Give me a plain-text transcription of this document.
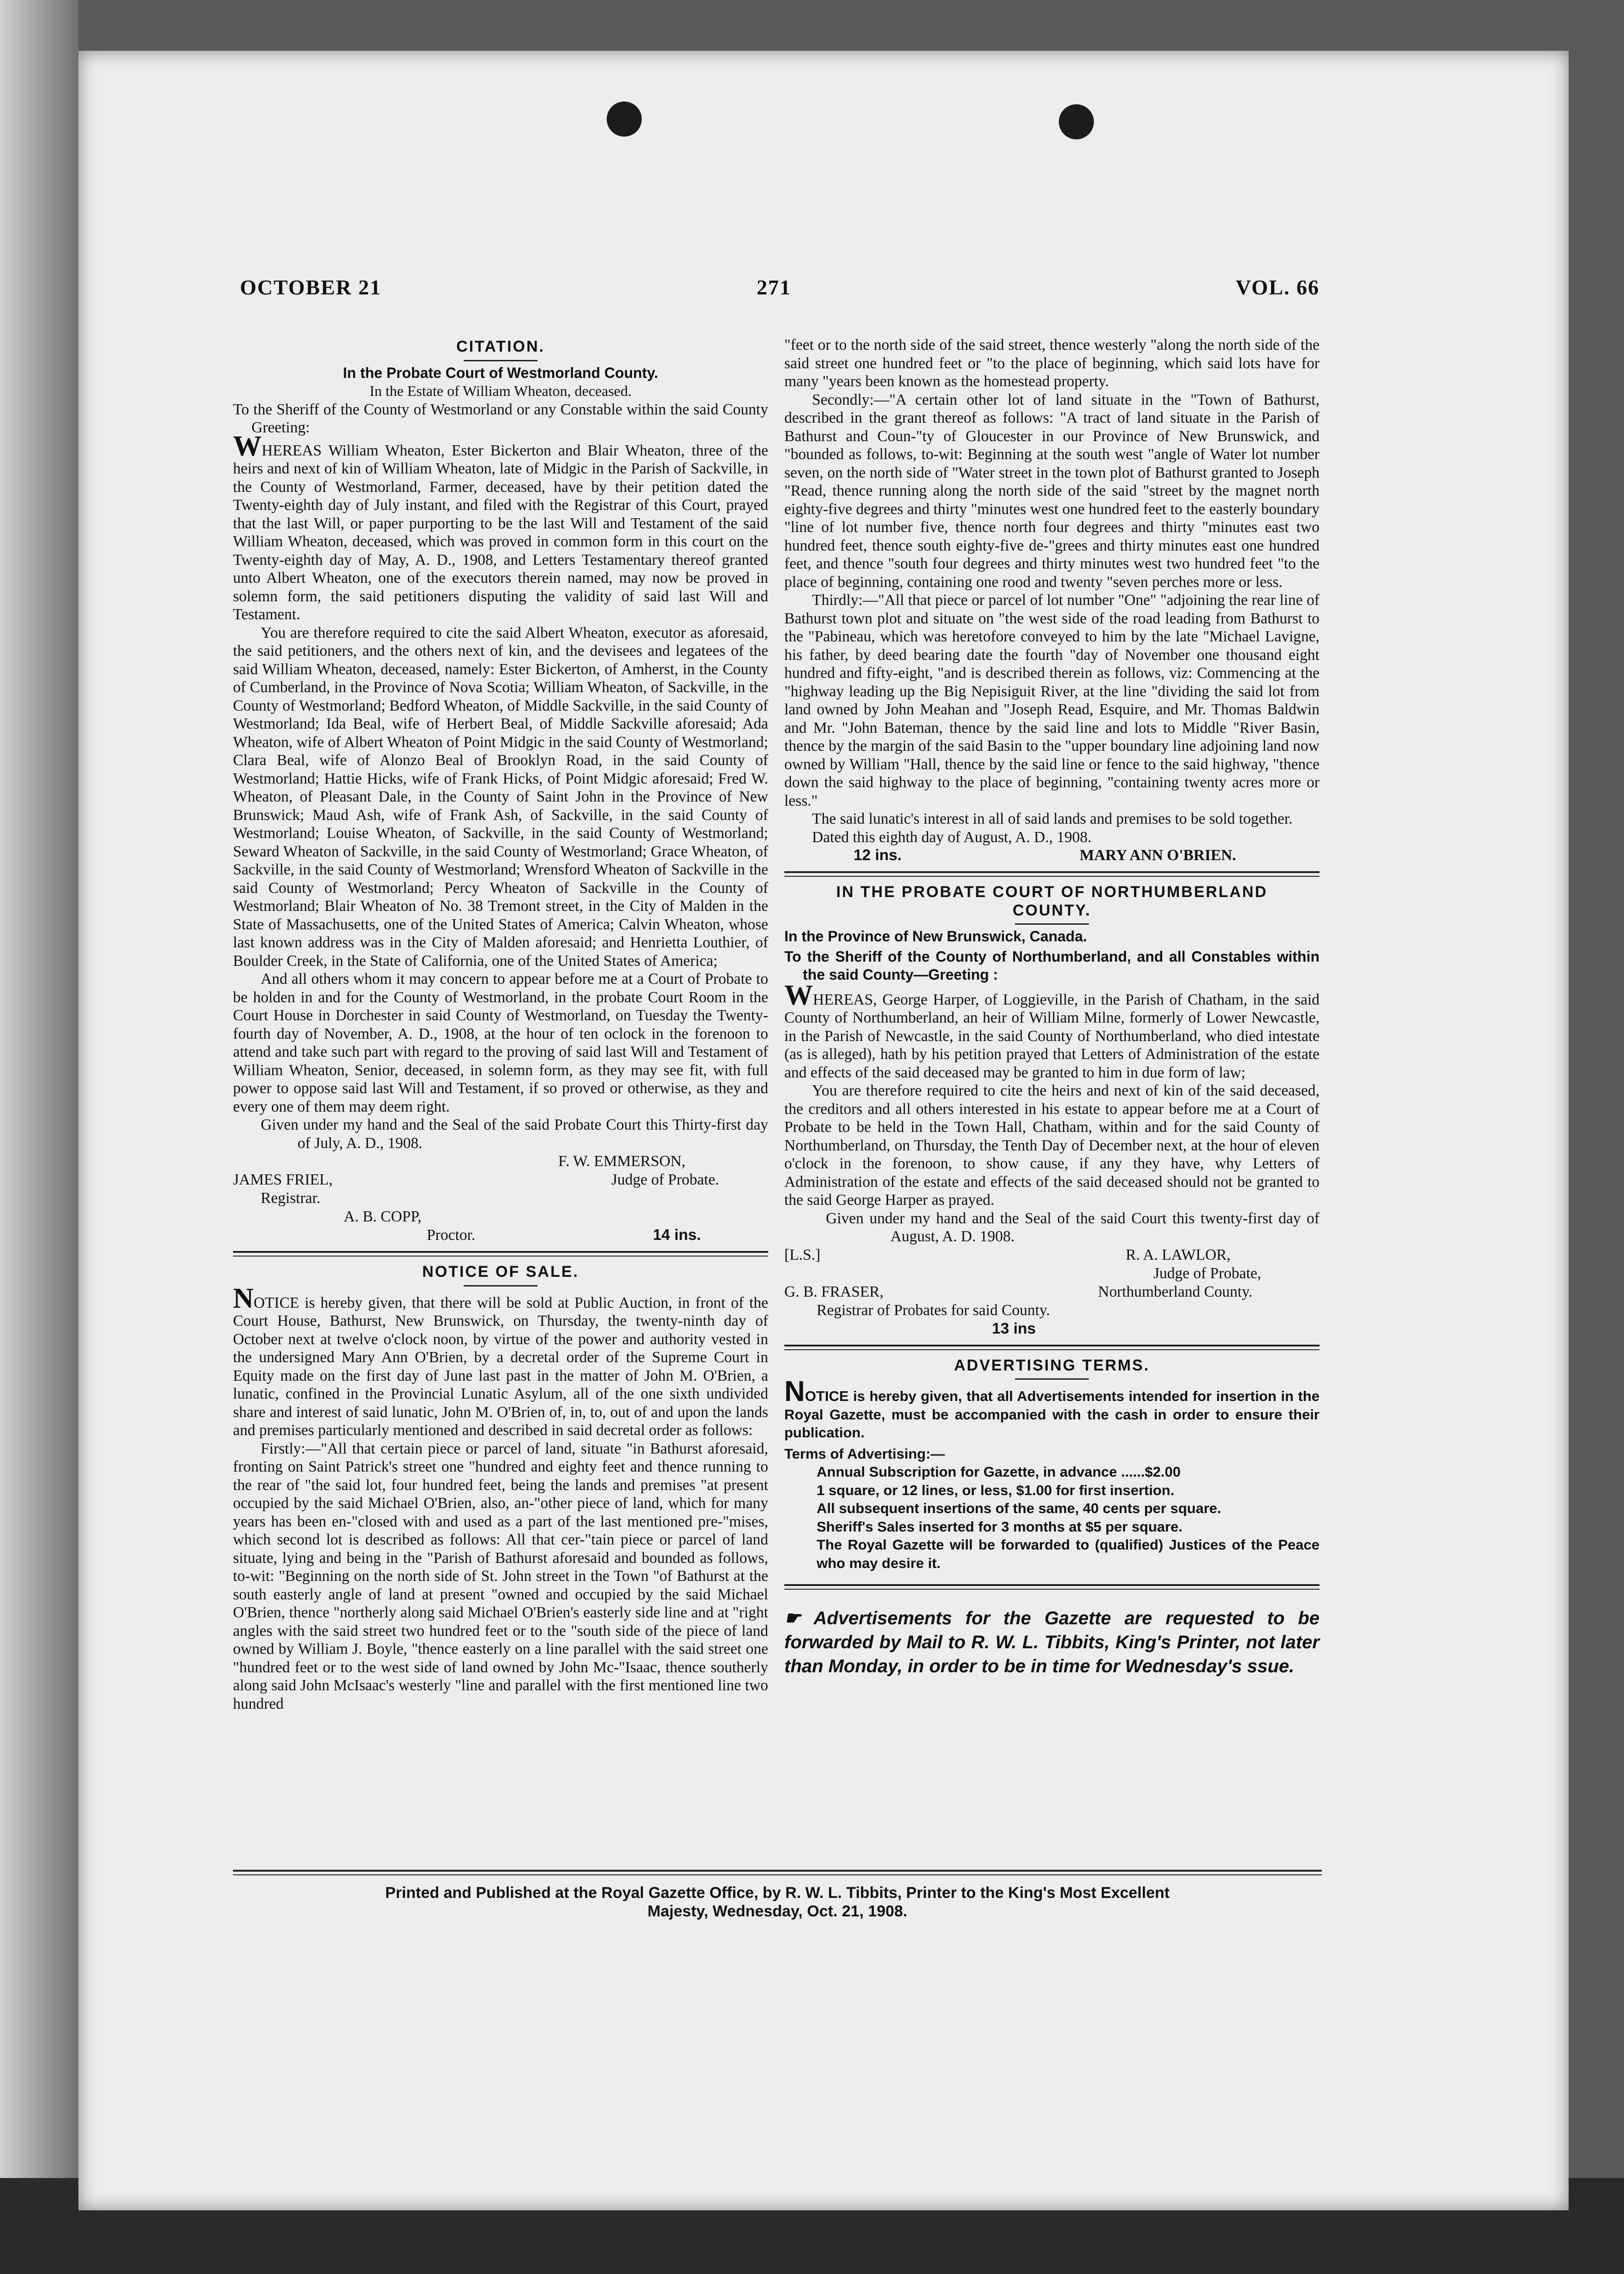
OCTOBER 21	271	VOL. 66
CITATION.
In the Probate Court of Westmorland County.
In the Estate of William Wheaton, deceased.

To the Sheriff of the County of Westmorland or any Constable within the said County Greeting:

WHEREAS William Wheaton, Ester Bickerton and Blair Wheaton, three of the heirs and next of kin of William Wheaton, late of Midgic in the Parish of Sackville, in the County of Westmorland, Farmer, deceased, have by their petition dated the Twenty-eighth day of July instant, and filed with the Registrar of this Court, prayed that the last Will, or paper purporting to be the last Will and Testament of the said William Wheaton, deceased, which was proved in common form in this court on the Twenty-eighth day of May, A. D., 1908, and Letters Testamentary thereof granted unto Albert Wheaton, one of the executors therein named, may now be proved in solemn form, the said petitioners disputing the validity of said last Will and Testament.

You are therefore required to cite the said Albert Wheaton, executor as aforesaid, the said petitioners, and the others next of kin, and the devisees and legatees of the said William Wheaton, deceased, namely: Ester Bickerton, of Amherst, in the County of Cumberland, in the Province of Nova Scotia; William Wheaton, of Sackville, in the County of Westmorland; Bedford Wheaton, of Middle Sackville, in the said County of Westmorland; Ida Beal, wife of Herbert Beal, of Middle Sackville aforesaid; Ada Wheaton, wife of Albert Wheaton of Point Midgic in the said County of Westmorland; Clara Beal, wife of Alonzo Beal of Brooklyn Road, in the said County of Westmorland; Hattie Hicks, wife of Frank Hicks, of Point Midgic aforesaid; Fred W. Wheaton, of Pleasant Dale, in the County of Saint John in the Province of New Brunswick; Maud Ash, wife of Frank Ash, of Sackville, in the said County of Westmorland; Louise Wheaton, of Sackville, in the said County of Westmorland; Seward Wheaton of Sackville, in the said County of Westmorland; Grace Wheaton, of Sackville, in the said County of Westmorland; Wrensford Wheaton of Sackville in the said County of Westmorland; Percy Wheaton of Sackville in the County of Westmorland; Blair Wheaton of No. 38 Tremont street, in the City of Malden in the State of Massachusetts, one of the United States of America; Calvin Wheaton, whose last known address was in the City of Malden aforesaid; and Henrietta Louthier, of Boulder Creek, in the State of California, one of the United States of America;

And all others whom it may concern to appear before me at a Court of Probate to be holden in and for the County of Westmorland, in the probate Court Room in the Court House in Dorchester in said County of Westmorland, on Tuesday the Twenty-fourth day of November, A. D., 1908, at the hour of ten oclock in the forenoon to attend and take such part with regard to the proving of said last Will and Testament of William Wheaton, Senior, deceased, in solemn form, as they may see fit, with full power to oppose said last Will and Testament, if so proved or otherwise, as they and every one of them may deem right.

Given under my hand and the Seal of the said Probate Court this Thirty-first day of July, A. D., 1908.

F. W. EMMERSON,
JAMES FRIEL,	Judge of Probate.
Registrar.
A. B. COPP,
Proctor.	14 ins.
NOTICE OF SALE.

NOTICE is hereby given, that there will be sold at Public Auction, in front of the Court House, Bathurst, New Brunswick, on Thursday, the twenty-ninth day of October next at twelve o'clock noon, by virtue of the power and authority vested in the undersigned Mary Ann O'Brien, by a decretal order of the Supreme Court in Equity made on the first day of June last past in the matter of John M. O'Brien, a lunatic, confined in the Provincial Lunatic Asylum, all of the one sixth undivided share and interest of said lunatic, John M. O'Brien of, in, to, out of and upon the lands and premises particularly mentioned and described in said decretal order as follows:

Firstly:—"All that certain piece or parcel of land, situate "in Bathurst aforesaid, fronting on Saint Patrick's street one "hundred and eighty feet and thence running to the rear of "the said lot, four hundred feet, being the lands and premises "at present occupied by the said Michael O'Brien, also, an-"other piece of land, which for many years has been en-"closed with and used as a part of the last mentioned pre-"mises, which second lot is described as follows: All that cer-"tain piece or parcel of land situate, lying and being in the "Parish of Bathurst aforesaid and bounded as follows, to-wit: "Beginning on the north side of St. John street in the Town "of Bathurst at the south easterly angle of land at present "owned and occupied by the said Michael O'Brien, thence "northerly along said Michael O'Brien's easterly side line and at "right angles with the said street two hundred feet or to the "south side of the piece of land owned by William J. Boyle, "thence easterly on a line parallel with the said street one "hundred feet or to the west side of land owned by John Mc-"Isaac, thence southerly along said John McIsaac's westerly "line and parallel with the first mentioned line two hundred

"feet or to the north side of the said street, thence westerly "along the north side of the said street one hundred feet or "to the place of beginning, which said lots have for many "years been known as the homestead property.

Secondly:—"A certain other lot of land situate in the "Town of Bathurst, described in the grant thereof as follows: "A tract of land situate in the Parish of Bathurst and Coun-"ty of Gloucester in our Province of New Brunswick, and "bounded as follows, to-wit: Beginning at the south west "angle of Water lot number seven, on the north side of "Water street in the town plot of Bathurst granted to Joseph "Read, thence running along the north side of the said "street by the magnet north eighty-five degrees and thirty "minutes west one hundred feet to the easterly boundary "line of lot number five, thence north four degrees and thirty "minutes east two hundred feet, thence south eighty-five de-"grees and thirty minutes east one hundred feet, and thence "south four degrees and thirty minutes west two hundred feet "to the place of beginning, containing one rood and twenty "seven perches more or less.

Thirdly:—"All that piece or parcel of lot number "One" "adjoining the rear line of Bathurst town plot and situate on "the west side of the road leading from Bathurst to the "Pabineau, which was heretofore conveyed to him by the late "Michael Lavigne, his father, by deed bearing date the fourth "day of November one thousand eight hundred and fifty-eight, "and is described therein as follows, viz: Commencing at the "highway leading up the Big Nepisiguit River, at the line "dividing the said lot from land owned by John Meahan and "Joseph Read, Esquire, and Mr. Thomas Baldwin and Mr. "John Bateman, thence by the said line and lots to Middle "River Basin, thence by the margin of the said Basin to the "upper boundary line adjoining land now owned by William "Hall, thence by the said line or fence to the said highway, "thence down the said highway to the place of beginning, "containing twenty acres more or less."

The said lunatic's interest in all of said lands and premises to be sold together.

Dated this eighth day of August, A. D., 1908.

12 ins.	MARY ANN O'BRIEN.
IN THE PROBATE COURT OF NORTHUMBERLAND COUNTY.

In the Province of New Brunswick, Canada.

To the Sheriff of the County of Northumberland, and all Constables within the said County—Greeting :

WHEREAS, George Harper, of Loggieville, in the Parish of Chatham, in the said County of Northumberland, an heir of William Milne, formerly of Lower Newcastle, in the Parish of Newcastle, in the said County of Northumberland, who died intestate (as is alleged), hath by his petition prayed that Letters of Administration of the estate and effects of the said deceased may be granted to him in due form of law;

You are therefore required to cite the heirs and next of kin of the said deceased, the creditors and all others interested in his estate to appear before me at a Court of Probate to be held in the Town Hall, Chatham, within and for the said County of Northumberland, on Thursday, the Tenth Day of December next, at the hour of eleven o'clock in the forenoon, to show cause, if any they have, why Letters of Administration of the estate and effects of the said deceased should not be granted to the said George Harper as prayed.

Given under my hand and the Seal of the said Court this twenty-first day of August, A. D. 1908.

[L.S.]	R. A. LAWLOR,
Judge of Probate,
G. B. FRASER,	Northumberland County.
Registrar of Probates for said County.
13 ins
ADVERTISING TERMS.

NOTICE is hereby given, that all Advertisements intended for insertion in the Royal Gazette, must be accompanied with the cash in order to ensure their publication.

Terms of Advertising:—

Annual Subscription for Gazette, in advance ......$2.00

1 square, or 12 lines, or less, $1.00 for first insertion.

All subsequent insertions of the same, 40 cents per square.

Sheriff's Sales inserted for 3 months at $5 per square.

The Royal Gazette will be forwarded to (qualified) Justices of the Peace who may desire it.

☛ Advertisements for the Gazette are requested to be forwarded by Mail to R. W. L. Tibbits, King's Printer, not later than Monday, in order to be in time for Wednesday's ssue.

Printed and Published at the Royal Gazette Office, by R. W. L. Tibbits, Printer to the King's Most Excellent

Majesty, Wednesday, Oct. 21, 1908.
